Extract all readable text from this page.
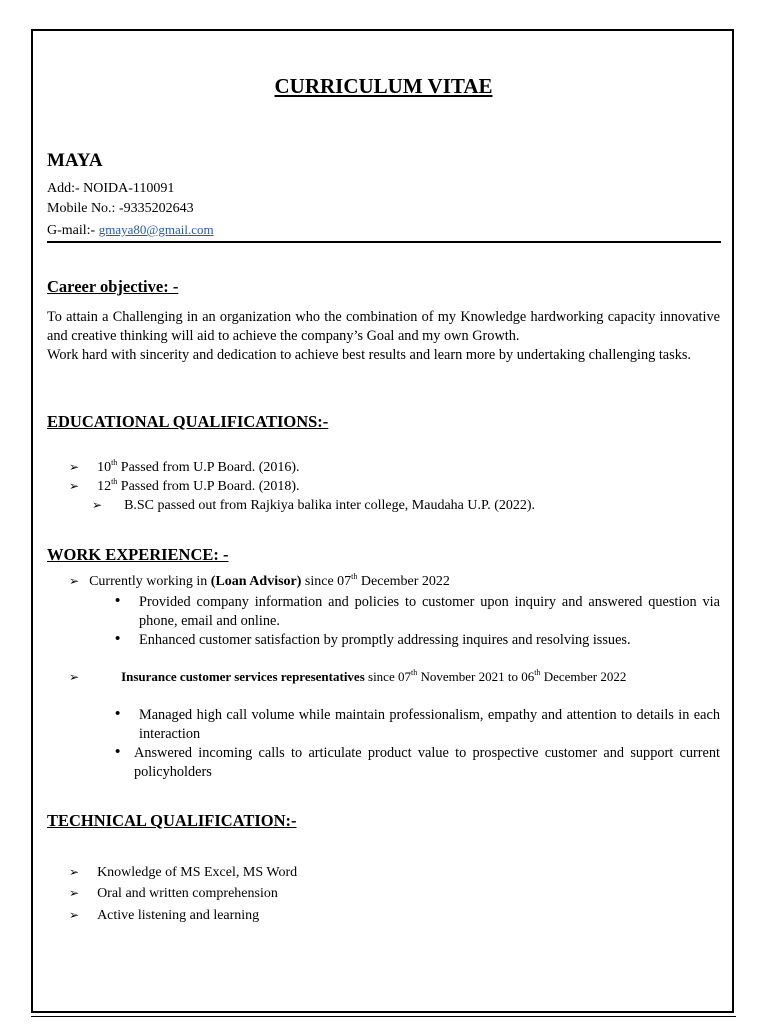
CURRICULUM VITAE
MAYA
Add:- NOIDA-110091
Mobile No.: -9335202643
G-mail:- gmaya80@gmail.com
Career objective: -
To attain a Challenging in an organization who the combination of my Knowledge hardworking capacity innovative and creative thinking will aid to achieve the company’s Goal and my own Growth.
Work hard with sincerity and dedication to achieve best results and learn more by undertaking challenging tasks.
EDUCATIONAL QUALIFICATIONS:-
➢ 10th Passed from U.P Board. (2016).
➢ 12th Passed from U.P Board. (2018).
➢ B.SC passed out from Rajkiya balika inter college, Maudaha U.P. (2022).
WORK EXPERIENCE: -
➢ Currently working in (Loan Advisor) since 07th December 2022
• Provided company information and policies to customer upon inquiry and answered question via phone, email and online.
• Enhanced customer satisfaction by promptly addressing inquires and resolving issues.
➢	Insurance customer services representatives since 07th November 2021 to 06th December 2022
• Managed high call volume while maintain professionalism, empathy and attention to details in each interaction
• Answered incoming calls to articulate product value to prospective customer and support current policyholders
TECHNICAL QUALIFICATION:-
➢ Knowledge of MS Excel, MS Word
➢ Oral and written comprehension
➢ Active listening and learning
